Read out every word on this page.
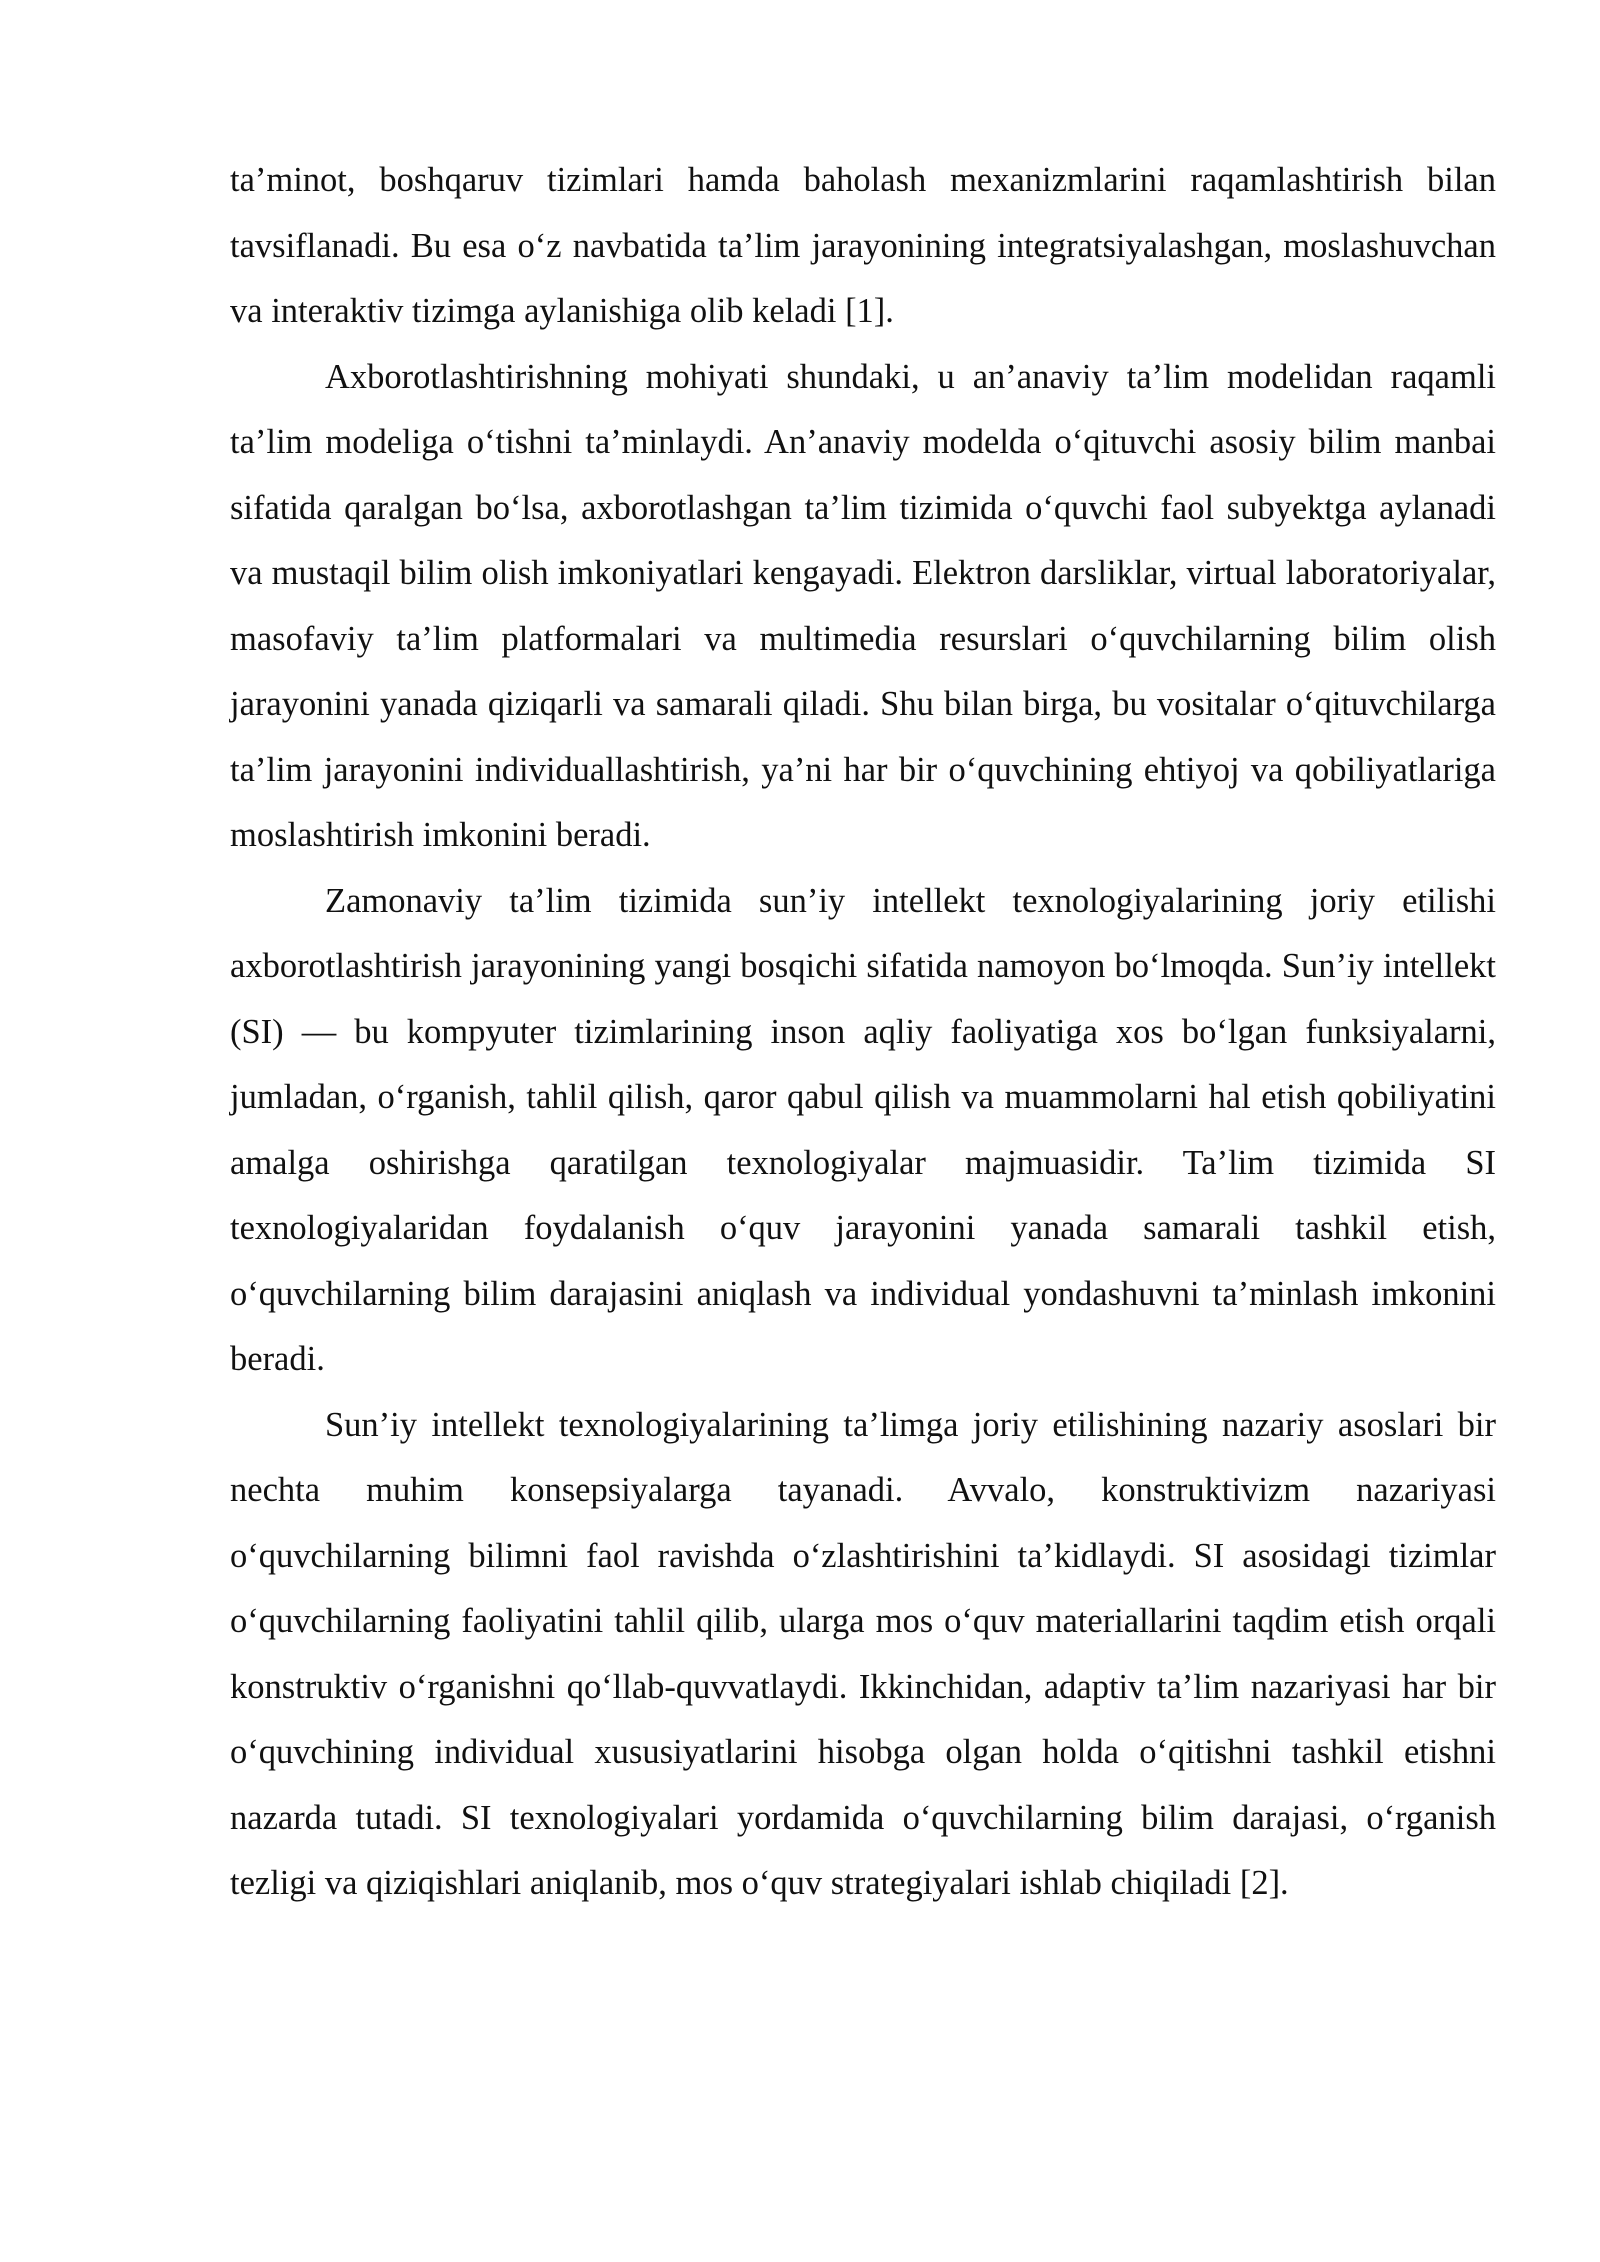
ta’minot, boshqaruv tizimlari hamda baholash mexanizmlarini raqamlashtirish bilan tavsiflanadi. Bu esa o‘z navbatida ta’lim jarayonining integratsiyalashgan, moslashuvchan va interaktiv tizimga aylanishiga olib keladi [1].

Axborotlashtirishning mohiyati shundaki, u an’anaviy ta’lim modelidan raqamli ta’lim modeliga o‘tishni ta’minlaydi. An’anaviy modelda o‘qituvchi asosiy bilim manbai sifatida qaralgan bo‘lsa, axborotlashgan ta’lim tizimida o‘quvchi faol subyektga aylanadi va mustaqil bilim olish imkoniyatlari kengayadi. Elektron darsliklar, virtual laboratoriyalar, masofaviy ta’lim platformalari va multimedia resurslari o‘quvchilarning bilim olish jarayonini yanada qiziqarli va samarali qiladi. Shu bilan birga, bu vositalar o‘qituvchilarga ta’lim jarayonini individuallashtirish, ya’ni har bir o‘quvchining ehtiyoj va qobiliyatlariga moslashtirish imkonini beradi.

Zamonaviy ta’lim tizimida sun’iy intellekt texnologiyalarining joriy etilishi axborotlashtirish jarayonining yangi bosqichi sifatida namoyon bo‘lmoqda. Sun’iy intellekt (SI) — bu kompyuter tizimlarining inson aqliy faoliyatiga xos bo‘lgan funksiyalarni, jumladan, o‘rganish, tahlil qilish, qaror qabul qilish va muammolarni hal etish qobiliyatini amalga oshirishga qaratilgan texnologiyalar majmuasidir. Ta’lim tizimida SI texnologiyalaridan foydalanish o‘quv jarayonini yanada samarali tashkil etish, o‘quvchilarning bilim darajasini aniqlash va individual yondashuvni ta’minlash imkonini beradi.

Sun’iy intellekt texnologiyalarining ta’limga joriy etilishining nazariy asoslari bir nechta muhim konsepsiyalarga tayanadi. Avvalo, konstruktivizm nazariyasi o‘quvchilarning bilimni faol ravishda o‘zlashtirishini ta’kidlaydi. SI asosidagi tizimlar o‘quvchilarning faoliyatini tahlil qilib, ularga mos o‘quv materiallarini taqdim etish orqali konstruktiv o‘rganishni qo‘llab-quvvatlaydi. Ikkinchidan, adaptiv ta’lim nazariyasi har bir o‘quvchining individual xususiyatlarini hisobga olgan holda o‘qitishni tashkil etishni nazarda tutadi. SI texnologiyalari yordamida o‘quvchilarning bilim darajasi, o‘rganish tezligi va qiziqishlari aniqlanib, mos o‘quv strategiyalari ishlab chiqiladi [2].
